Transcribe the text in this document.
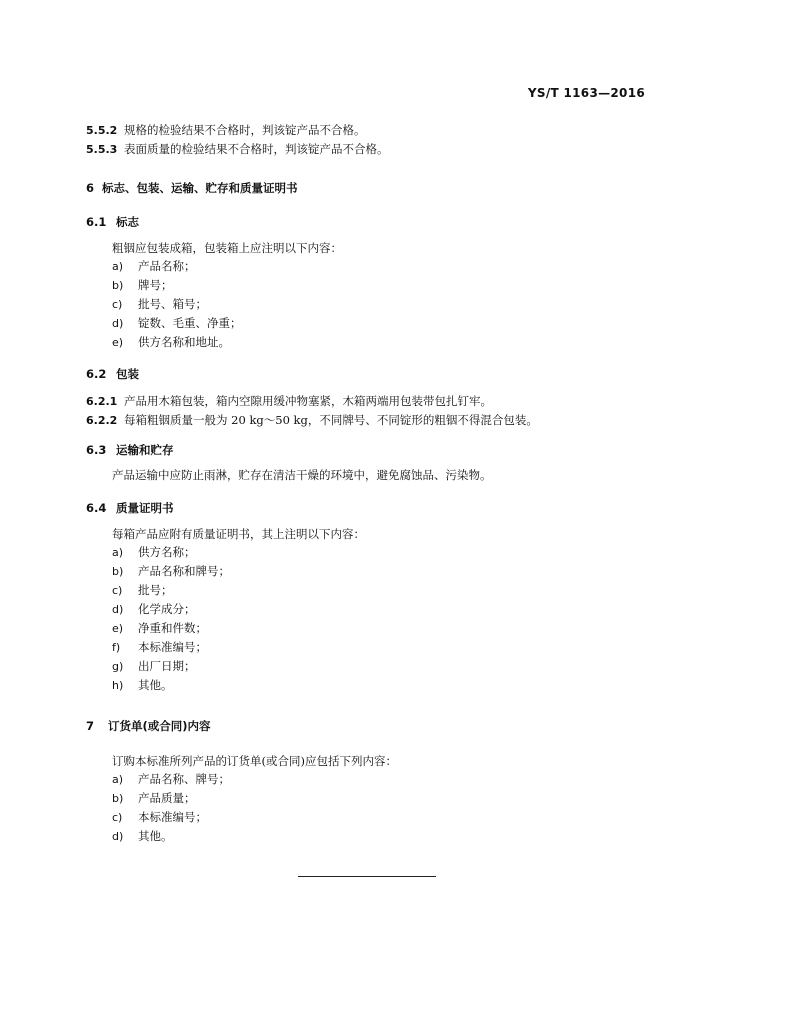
YS/T 1163—2016
5.5.2 规格的检验结果不合格时，判该锭产品不合格。
5.5.3 表面质量的检验结果不合格时，判该锭产品不合格。
6 标志、包装、运输、贮存和质量证明书
6.1 标志
粗铟应包装成箱，包装箱上应注明以下内容：
a) 产品名称；
b) 牌号；
c) 批号、箱号；
d) 锭数、毛重、净重；
e) 供方名称和地址。
6.2 包装
6.2.1 产品用木箱包装，箱内空隙用缓冲物塞紧，木箱两端用包装带包扎钉牢。
6.2.2 每箱粗铟质量一般为 20 kg～50 kg，不同牌号、不同锭形的粗铟不得混合包装。
6.3 运输和贮存
产品运输中应防止雨淋，贮存在清洁干燥的环境中，避免腐蚀品、污染物。
6.4 质量证明书
每箱产品应附有质量证明书，其上注明以下内容：
a) 供方名称；
b) 产品名称和牌号；
c) 批号；
d) 化学成分；
e) 净重和件数；
f) 本标准编号；
g) 出厂日期；
h) 其他。
7 订货单(或合同)内容
订购本标准所列产品的订货单(或合同)应包括下列内容：
a) 产品名称、牌号；
b) 产品质量；
c) 本标准编号；
d) 其他。
